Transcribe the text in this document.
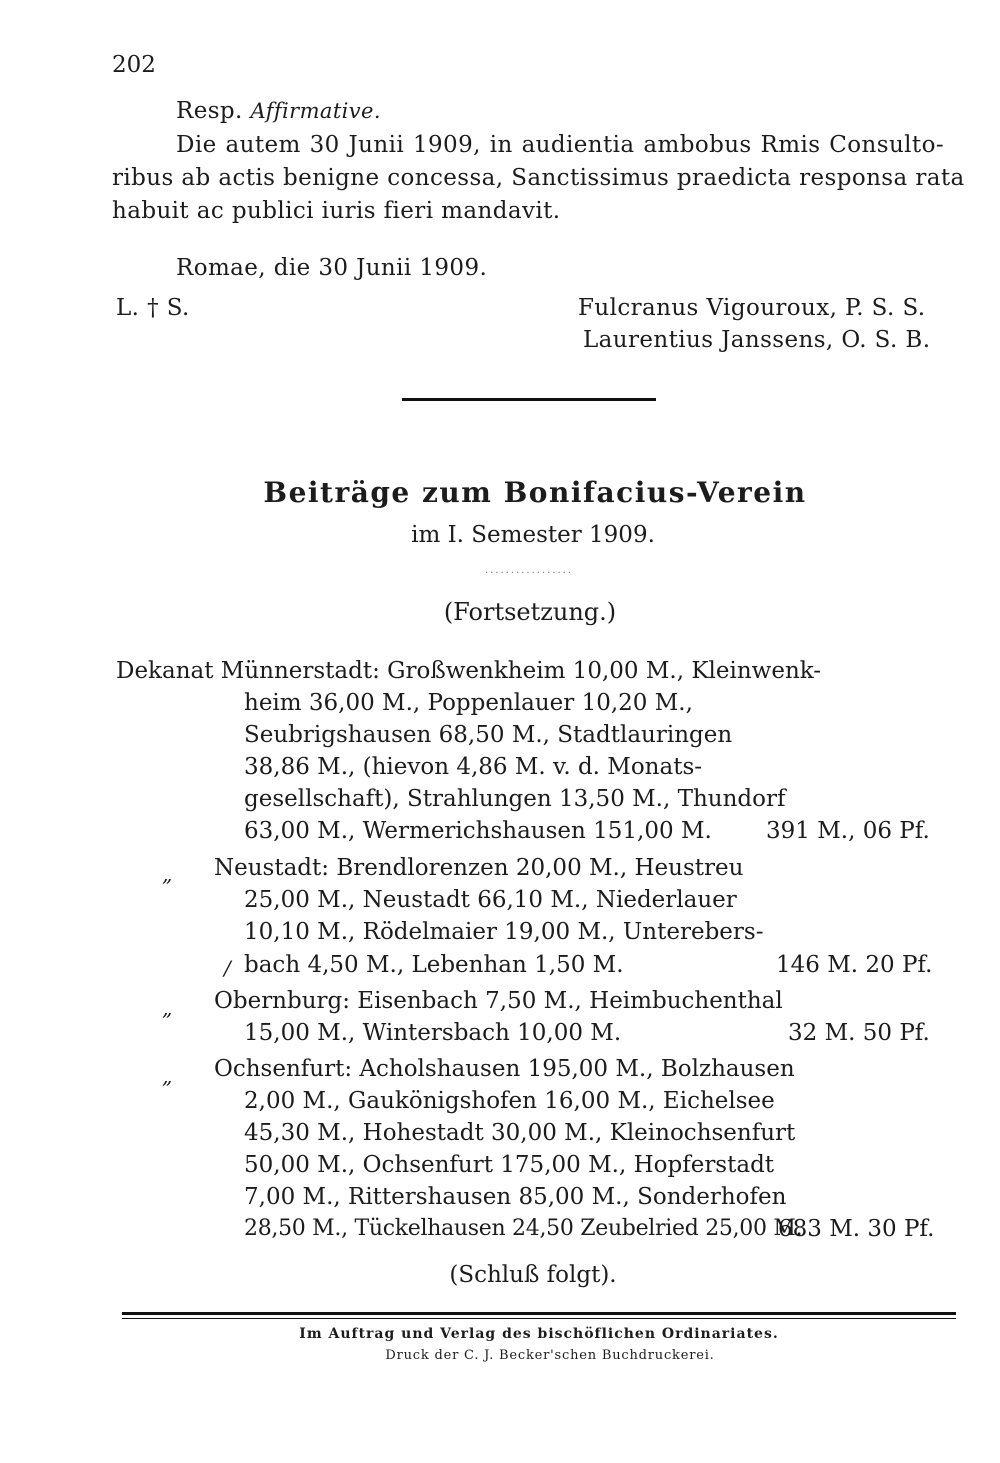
202
Resp. Affirmative.
Die autem 30 Junii 1909, in audientia ambobus Rmis Consulto-
ribus ab actis benigne concessa, Sanctissimus praedicta responsa rata
habuit ac publici iuris fieri mandavit.
Romae, die 30 Junii 1909.
L. † S.	Fulcranus Vigouroux, P. S. S.
Laurentius Janssens, O. S. B.
Beiträge zum Bonifacius-Verein
im I. Semester 1909.
·················
(Fortsetzung.)
Dekanat Münnerstadt: Großwenkheim 10,00 M., Kleinwenk-
heim 36,00 M., Poppenlauer 10,20 M.,
Seubrigshausen 68,50 M., Stadtlauringen
38,86 M., (hievon 4,86 M. v. d. Monats-
gesellschaft), Strahlungen 13,50 M., Thundorf
63,00 M., Wermerichshausen 151,00 M. 391 M., 06 Pf.
„ Neustadt: Brendlorenzen 20,00 M., Heustreu
25,00 M., Neustadt 66,10 M., Niederlauer
10,10 M., Rödelmaier 19,00 M., Unterebers-
/ bach 4,50 M., Lebenhan 1,50 M.	146 M. 20 Pf.
„ Obernburg: Eisenbach 7,50 M., Heimbuchenthal
15,00 M., Wintersbach 10,00 M.	32 M. 50 Pf.
„ Ochsenfurt: Acholshausen 195,00 M., Bolzhausen
2,00 M., Gaukönigshofen 16,00 M., Eichelsee
45,30 M., Hohestadt 30,00 M., Kleinochsenfurt
50,00 M., Ochsenfurt 175,00 M., Hopferstadt
7,00 M., Rittershausen 85,00 M., Sonderhofen
28,50 M., Tückelhausen 24,50 Zeubelried 25,00 M.
683 M. 30 Pf.
(Schluß folgt).
Im Auftrag und Verlag des bischöflichen Ordinariates.
Druck der C. J. Becker'schen Buchdruckerei.
